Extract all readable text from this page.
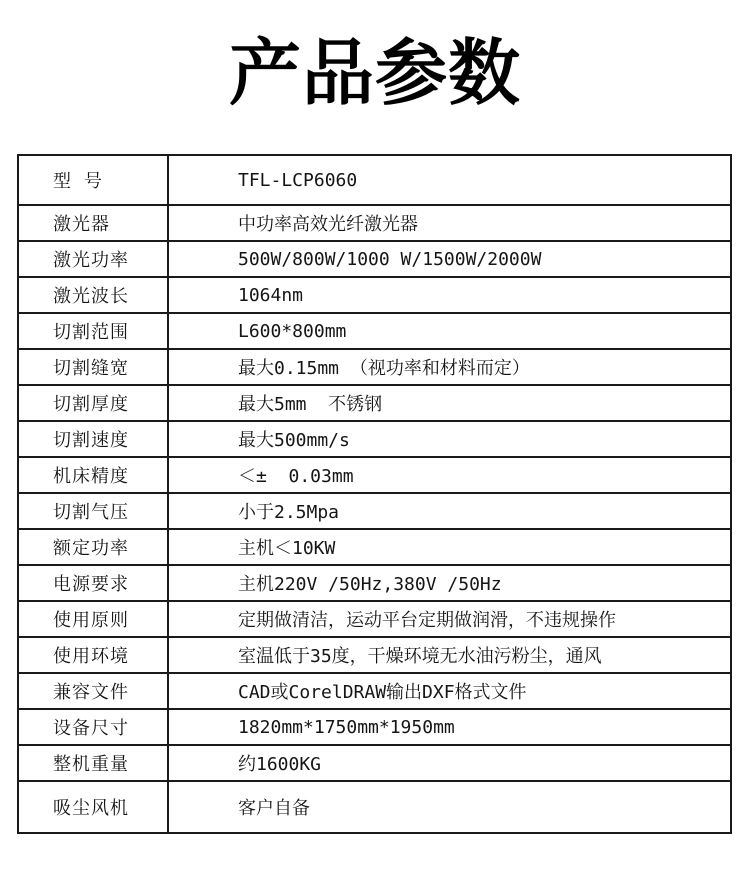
产品参数
型  号	TFL-LCP6060
激光器	中功率高效光纤激光器
激光功率	500W/800W/1000 W/1500W/2000W
激光波长	1064nm
切割范围	L600*800mm
切割缝宽	最大0.15mm （视功率和材料而定）
切割厚度	最大5mm  不锈钢
切割速度	最大500mm/s
机床精度	＜±  0.03mm
切割气压	小于2.5Mpa
额定功率	主机＜10KW
电源要求	主机220V /50Hz,380V /50Hz
使用原则	定期做清洁，运动平台定期做润滑，不违规操作
使用环境	室温低于35度，干燥环境无水油污粉尘，通风
兼容文件	CAD或CorelDRAW输出DXF格式文件
设备尺寸	1820mm*1750mm*1950mm
整机重量	约1600KG
吸尘风机	客户自备
